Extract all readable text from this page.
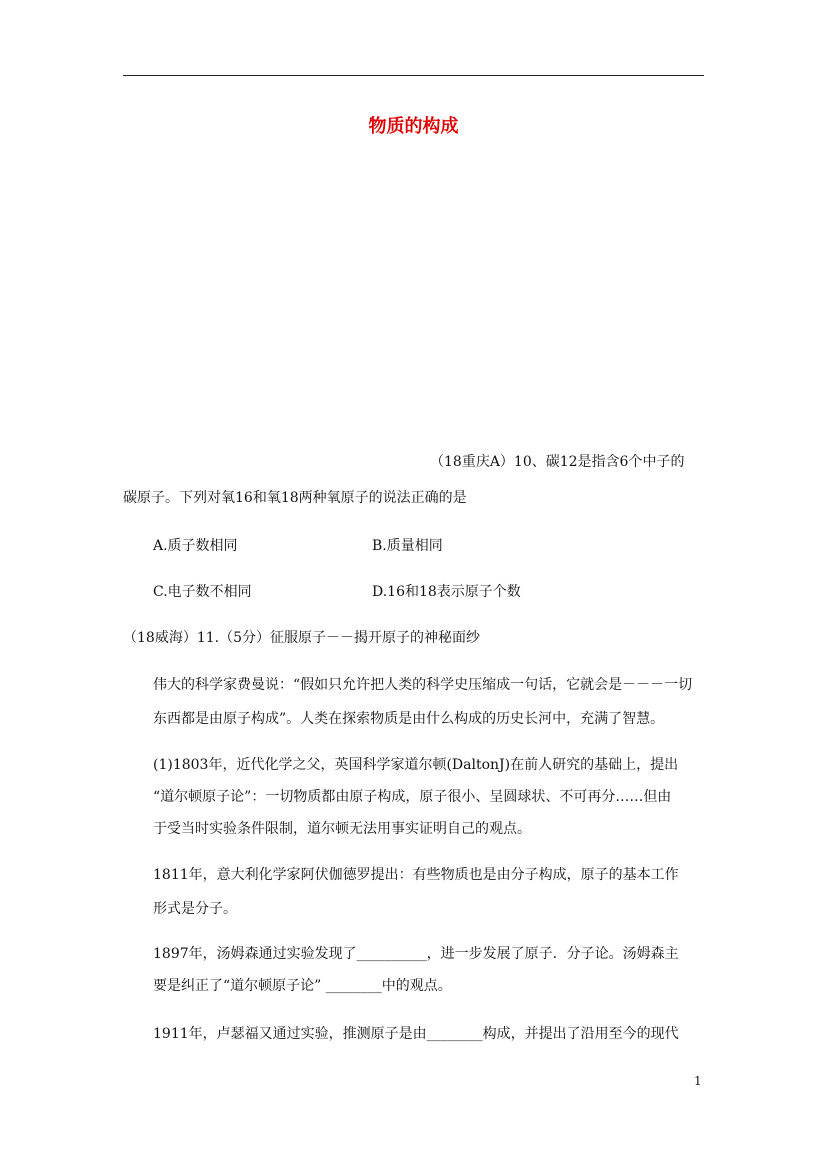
物质的构成
（18重庆A）10、碳12是指含6个中子的
碳原子。下列对氧16和氧18两种氧原子的说法正确的是
A.质子数相同	B.质量相同
C.电子数不相同	D.16和18表示原子个数
（18威海）11.（5分）征服原子－－揭开原子的神秘面纱
伟大的科学家费曼说：“假如只允许把人类的科学史压缩成一句话，它就会是－－－一切
东西都是由原子构成”。人类在探索物质是由什么构成的历史长河中，充满了智慧。
(1)1803年，近代化学之父，英国科学家道尔顿(DaltonJ)在前人研究的基础上，提出
“道尔顿原子论”：一切物质都由原子构成，原子很小、呈圆球状、不可再分……但由
于受当时实验条件限制，道尔顿无法用事实证明自己的观点。
1811年，意大利化学家阿伏伽德罗提出：有些物质也是由分子构成，原子的基本工作
形式是分子。
1897年，汤姆森通过实验发现了__________，进一步发展了原子．分子论。汤姆森主
要是纠正了“道尔顿原子论” ________中的观点。
1911年，卢瑟福又通过实验，推测原子是由________构成，并提出了沿用至今的现代
1
